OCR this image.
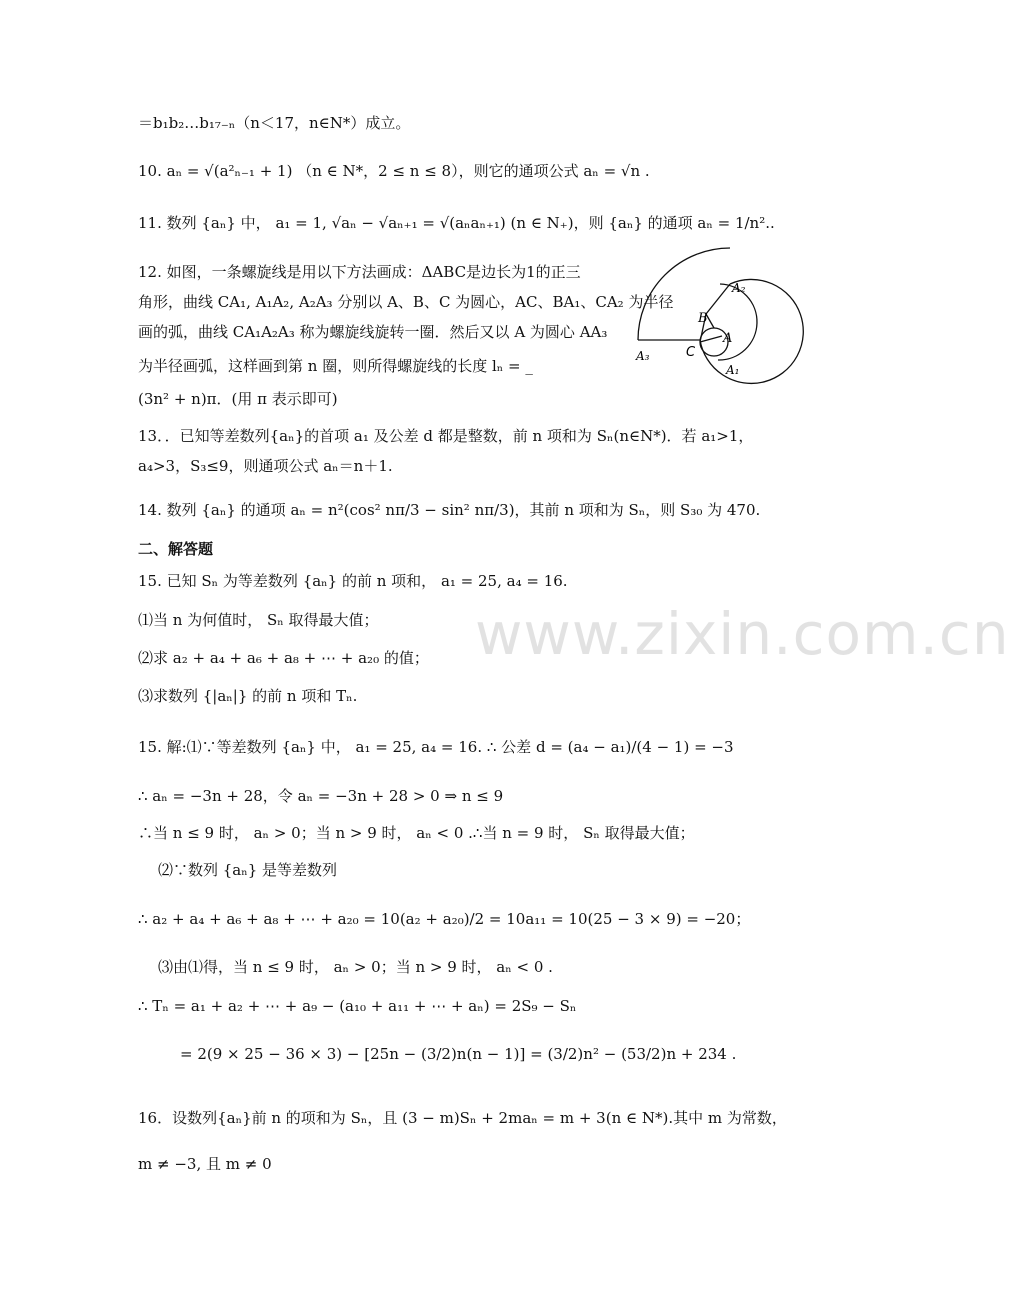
www.zixin.com.cn
＝b₁b₂…b₁₇₋ₙ（n＜17，n∈N*）成立。
10. aₙ = √(a²ₙ₋₁ + 1) （n ∈ N*，2 ≤ n ≤ 8），则它的通项公式 aₙ = √n .
11. 数列 {aₙ} 中， a₁ = 1, √aₙ − √aₙ₊₁ = √(aₙaₙ₊₁) (n ∈ N₊)，则 {aₙ} 的通项 aₙ = 1/n²..
12. 如图，一条螺旋线是用以下方法画成：ΔABC是边长为1的正三
角形，曲线 CA₁, A₁A₂, A₂A₃ 分别以 A、B、C 为圆心，AC、BA₁、CA₂ 为半径
画的弧，曲线 CA₁A₂A₃ 称为螺旋线旋转一圈．然后又以 A 为圆心 AA₃
为半径画弧，这样画到第 n 圈，则所得螺旋线的长度 lₙ = _
(3n² + n)π．(用 π 表示即可)
A₂
B
A
C
A₃
A₁
13．．已知等差数列{aₙ}的首项 a₁ 及公差 d 都是整数，前 n 项和为 Sₙ(n∈N*)．若 a₁>1，
a₄>3，S₃≤9，则通项公式 aₙ＝n＋1.
14. 数列 {aₙ} 的通项 aₙ = n²(cos² nπ/3 − sin² nπ/3)，其前 n 项和为 Sₙ，则 S₃₀ 为 470.
二、解答题
15. 已知 Sₙ 为等差数列 {aₙ} 的前 n 项和， a₁ = 25, a₄ = 16.
⑴当 n 为何值时， Sₙ 取得最大值；
⑵求 a₂ + a₄ + a₆ + a₈ + ⋯ + a₂₀ 的值；
⑶求数列 {|aₙ|} 的前 n 项和 Tₙ.
15. 解:⑴∵等差数列 {aₙ} 中， a₁ = 25, a₄ = 16. ∴ 公差 d = (a₄ − a₁)/(4 − 1) = −3
∴ aₙ = −3n + 28，令 aₙ = −3n + 28 > 0 ⇒ n ≤ 9
∴当 n ≤ 9 时， aₙ > 0；当 n > 9 时， aₙ < 0 .∴当 n = 9 时， Sₙ 取得最大值；
⑵∵数列 {aₙ} 是等差数列
∴ a₂ + a₄ + a₆ + a₈ + ⋯ + a₂₀ = 10(a₂ + a₂₀)/2 = 10a₁₁ = 10(25 − 3 × 9) = −20；
⑶由⑴得，当 n ≤ 9 时， aₙ > 0；当 n > 9 时， aₙ < 0 .
∴ Tₙ = a₁ + a₂ + ⋯ + a₉ − (a₁₀ + a₁₁ + ⋯ + aₙ) = 2S₉ − Sₙ
= 2(9 × 25 − 36 × 3) − [25n − (3/2)n(n − 1)] = (3/2)n² − (53/2)n + 234 .
16．设数列{aₙ}前 n 的项和为 Sₙ，且 (3 − m)Sₙ + 2maₙ = m + 3(n ∈ N*).其中 m 为常数，
m ≠ −3, 且 m ≠ 0
